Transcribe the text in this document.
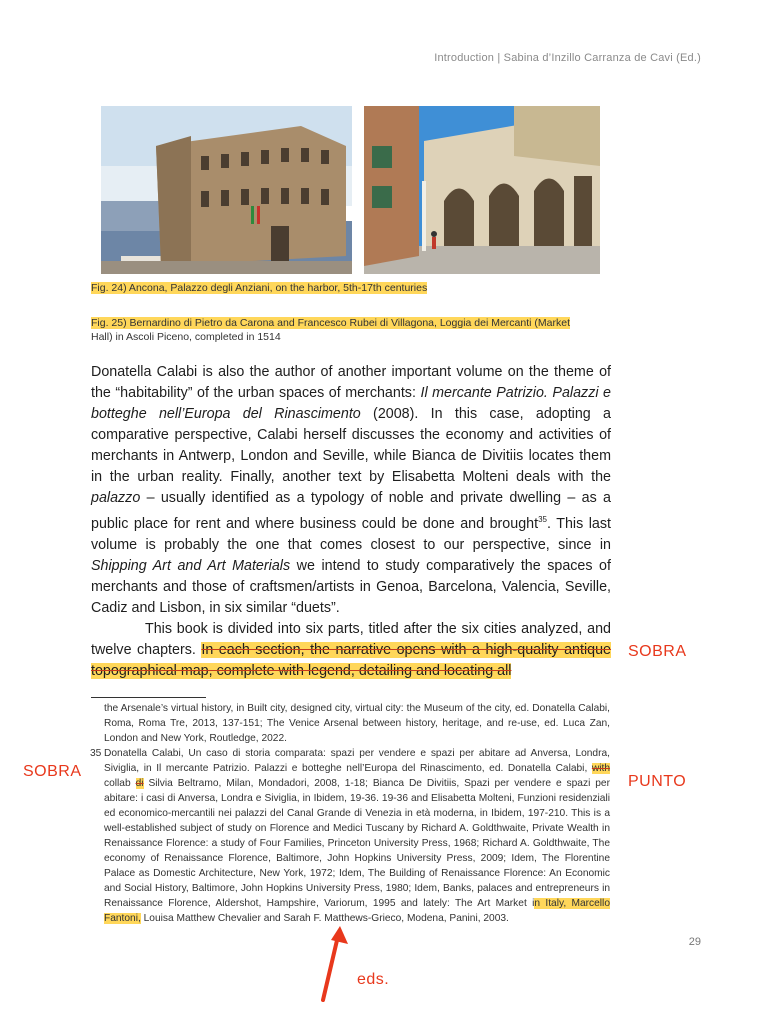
Introduction | Sabina d’Inzillo Carranza de Cavi (Ed.)
Fig. 24) Ancona, Palazzo degli Anziani, on the harbor, 5th-17th centuries
Fig. 25) Bernardino di Pietro da Carona and Francesco Rubei di Villagona, Loggia dei Mercanti (Market
Hall) in Ascoli Piceno, completed in 1514

Donatella Calabi is also the author of another important volume on the theme of the “habitability” of the urban spaces of merchants: Il mercante Patrizio. Palazzi e botteghe nell’Europa del Rinascimento (2008). In this case, adopting a comparative perspective, Calabi herself discusses the economy and activities of merchants in Antwerp, London and Seville, while Bianca de Divitiis locates them in the urban reality. Finally, another text by Elisabetta Molteni deals with the palazzo – usually identified as a typology of noble and private dwelling – as a public place for rent and where business could be done and brought$^{35}$. This last volume is probably the one that comes closest to our perspective, since in Shipping Art and Art Materials we intend to study comparatively the spaces of merchants and those of craftsmen/artists in Genoa, Barcelona, Valencia, Seville, Cadiz and Lisbon, in six similar “duets”.

This book is divided into six parts, titled after the six cities analyzed, and twelve chapters. In each section, the narrative opens with a high-quality antique topographical map, complete with legend, detailing and locating all

the Arsenale’s virtual history, in Built city, designed city, virtual city: the Museum of the city, ed. Donatella Calabi, Roma, Roma Tre, 2013, 137-151; The Venice Arsenal between history, heritage, and re-use, ed. Luca Zan, London and New York, Routledge, 2022.

35 Donatella Calabi, Un caso di storia comparata: spazi per vendere e spazi per abitare ad Anversa, Londra, Siviglia, in Il mercante Patrizio. Palazzi e botteghe nell’Europa del Rinascimento, ed. Donatella Calabi, with collab di Silvia Beltramo, Milan, Mondadori, 2008, 1-18; Bianca De Divitiis, Spazi per vendere e spazi per abitare: i casi di Anversa, Londra e Siviglia, in Ibidem, 19-36. 19-36 and Elisabetta Molteni, Funzioni residenziali ed economico-mercantili nei palazzi del Canal Grande di Venezia in età moderna, in Ibidem, 197-210. This is a well-established subject of study on Florence and Medici Tuscany by Richard A. Goldthwaite, Private Wealth in Renaissance Florence: a study of Four Families, Princeton University Press, 1968; Richard A. Goldthwaite, The economy of Renaissance Florence, Baltimore, John Hopkins University Press, 2009; Idem, The Florentine Palace as Domestic Architecture, New York, 1972; Idem, The Building of Renaissance Florence: An Economic and Social History, Baltimore, John Hopkins University Press, 1980; Idem, Banks, palaces and entrepreneurs in Renaissance Florence, Aldershot, Hampshire, Variorum, 1995 and lately: The Art Market in Italy, Marcello Fantoni, Louisa Matthew Chevalier and Sarah F. Matthews-Grieco, Modena, Panini, 2003.

SOBRA
SOBRA
PUNTO
eds.
29
